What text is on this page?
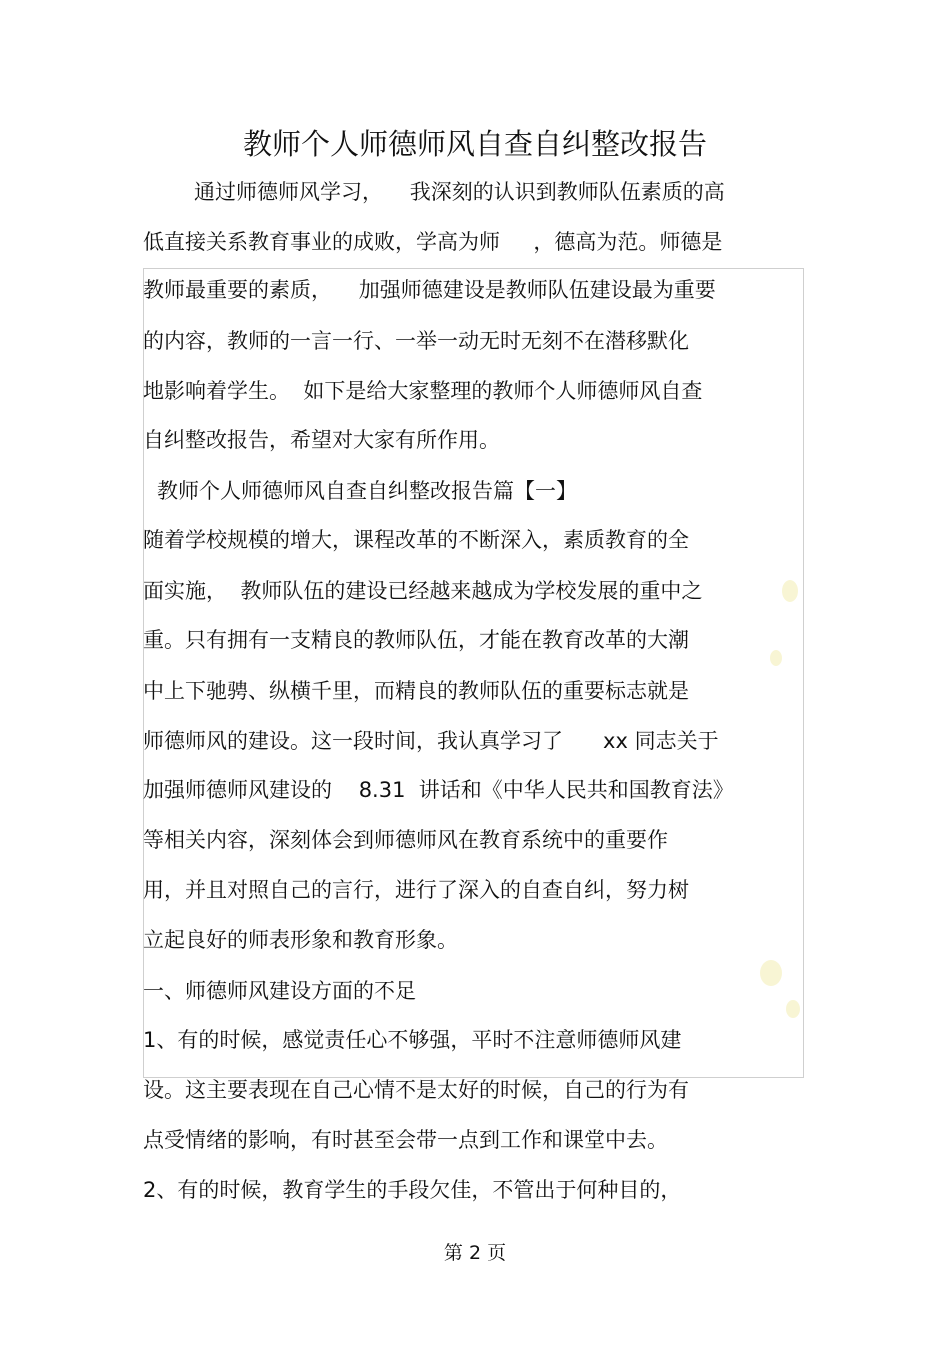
教师个人师德师风自查自纠整改报告
通过师德师风学习，    我深刻的认识到教师队伍素质的高
低直接关系教育事业的成败，学高为师     ，德高为范。师德是
教师最重要的素质，    加强师德建设是教师队伍建设最为重要
的内容，教师的一言一行、一举一动无时无刻不在潜移默化
地影响着学生。  如下是给大家整理的教师个人师德师风自查
自纠整改报告，希望对大家有所作用。
教师个人师德师风自查自纠整改报告篇【一】
随着学校规模的增大，课程改革的不断深入，素质教育的全
面实施，  教师队伍的建设已经越来越成为学校发展的重中之
重。只有拥有一支精良的教师队伍，才能在教育改革的大潮
中上下驰骋、纵横千里，而精良的教师队伍的重要标志就是
师德师风的建设。这一段时间，我认真学习了      xx 同志关于
加强师德师风建设的    8.31  讲话和《中华人民共和国教育法》
等相关内容，深刻体会到师德师风在教育系统中的重要作
用，并且对照自己的言行，进行了深入的自查自纠，努力树
立起良好的师表形象和教育形象。
一、师德师风建设方面的不足
1、有的时候，感觉责任心不够强，平时不注意师德师风建
设。这主要表现在自己心情不是太好的时候，自己的行为有
点受情绪的影响，有时甚至会带一点到工作和课堂中去。
2、有的时候，教育学生的手段欠佳，不管出于何种目的，
第 2 页
